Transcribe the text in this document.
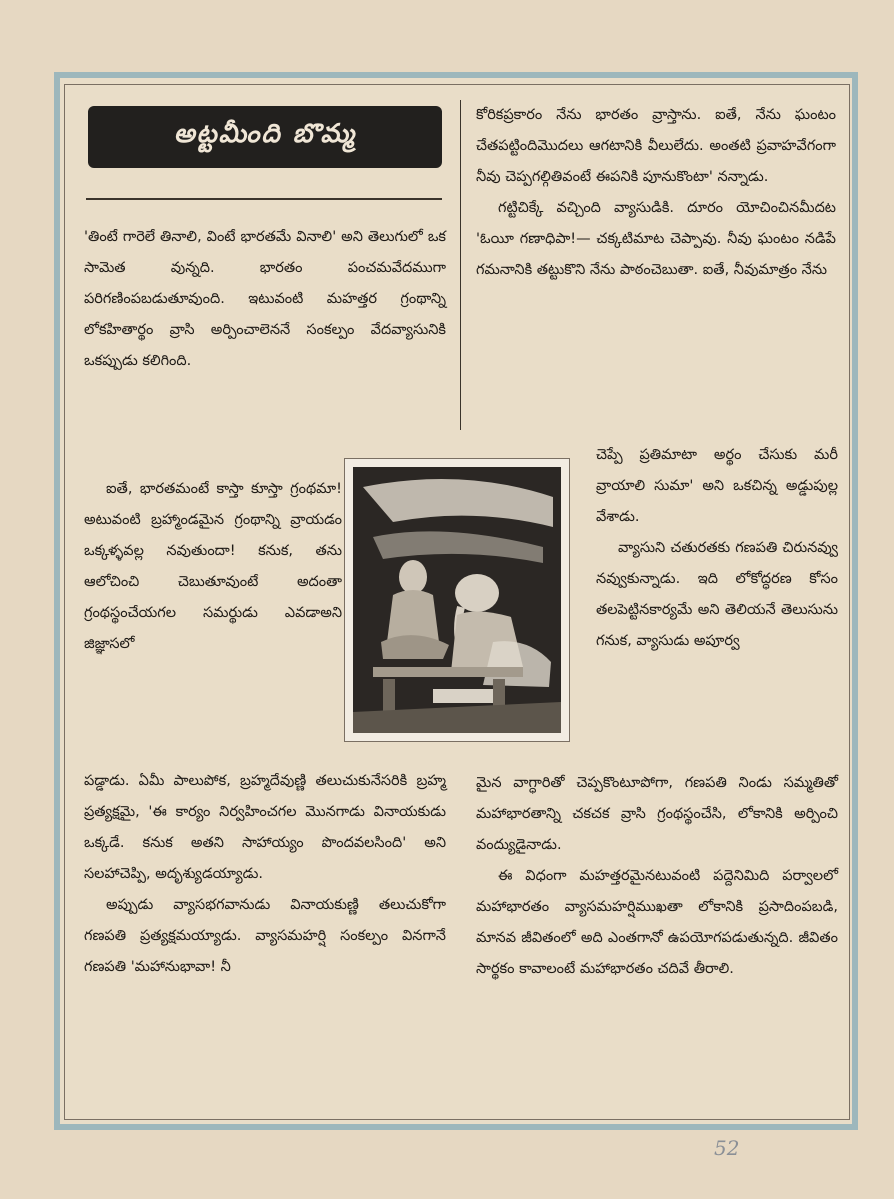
అట్టమీంది బొమ్మ

'తింటే గారెలే తినాలి, వింటే భారతమే వినాలి' అని తెలుగులో ఒక సామెత వున్నది. భారతం పంచమవేదముగా పరిగణింపబడుతూవుంది. ఇటువంటి మహత్తర గ్రంథాన్ని లోకహితార్థం వ్రాసి అర్పించాలెననే సంకల్పం వేదవ్యాసునికి ఒకప్పుడు కలిగింది.

ఐతే, భారతమంటే కాస్తా కూస్తా గ్రంథమా! అటువంటి బ్రహ్మాండమైన గ్రంథాన్ని వ్రాయడం ఒక్కళ్ళవల్ల నవుతుందా! కనుక, తను ఆలోచించి చెబుతూవుంటే అదంతా గ్రంథస్థంచేయగల సమర్థుడు ఎవడాఅని జిజ్ఞాసలో

పడ్డాడు. ఏమీ పాలుపోక, బ్రహ్మదేవుణ్ణి తలుచుకునేసరికి బ్రహ్మ ప్రత్యక్షమై, 'ఈ కార్యం నిర్వహించగల మొనగాడు వినాయకుడు ఒక్కడే. కనుక అతని సాహాయ్యం పొందవలసింది' అని సలహాచెప్పి, అదృశ్యుడయ్యాడు.

అప్పుడు వ్యాసభగవానుడు వినాయకుణ్ణి తలుచుకోగా గణపతి ప్రత్యక్షమయ్యాడు. వ్యాసమహర్షి సంకల్పం వినగానే గణపతి 'మహానుభావా! నీ

కోరికప్రకారం నేను భారతం వ్రాస్తాను. ఐతే, నేను ఘంటం చేతపట్టిందిమొదలు ఆగటానికి వీలులేదు. అంతటి ప్రవాహవేగంగా నీవు చెప్పగల్గితివంటే ఈపనికి పూనుకొంటా' నన్నాడు.

గట్టిచిక్కే వచ్చింది వ్యాసుడికి. దూరం యోచించినమీదట 'ఓయీ గణాధిపా!— చక్కటిమాట చెప్పావు. నీవు ఘంటం నడిపే గమనానికి తట్టుకొని నేను పాఠంచెబుతా. ఐతే, నీవుమాత్రం నేను

చెప్పే ప్రతిమాటా అర్థం చేసుకు మరీ వ్రాయాలి సుమా' అని ఒకచిన్న అడ్డుపుల్ల వేశాడు.

వ్యాసుని చతురతకు గణపతి చిరునవ్వు నవ్వుకున్నాడు. ఇది లోకోద్ధరణ కోసం తలపెట్టినకార్యమే అని తెలియనే తెలుసును గనుక, వ్యాసుడు అపూర్వ

మైన వాగ్ధారితో చెప్పకొంటూపోగా, గణపతి నిండు సమ్మతితో మహాభారతాన్ని చకచక వ్రాసి గ్రంథస్థంచేసి, లోకానికి అర్పించి వంద్యుడైనాడు.

ఈ విధంగా మహత్తరమైనటువంటి పద్దెనిమిది పర్వాలలో మహాభారతం వ్యాసమహర్షిముఖతా లోకానికి ప్రసాదింపబడి, మానవ జీవితంలో అది ఎంతగానో ఉపయోగపడుతున్నది. జీవితం సార్థకం కావాలంటే మహాభారతం చదివే తీరాలి.

52
